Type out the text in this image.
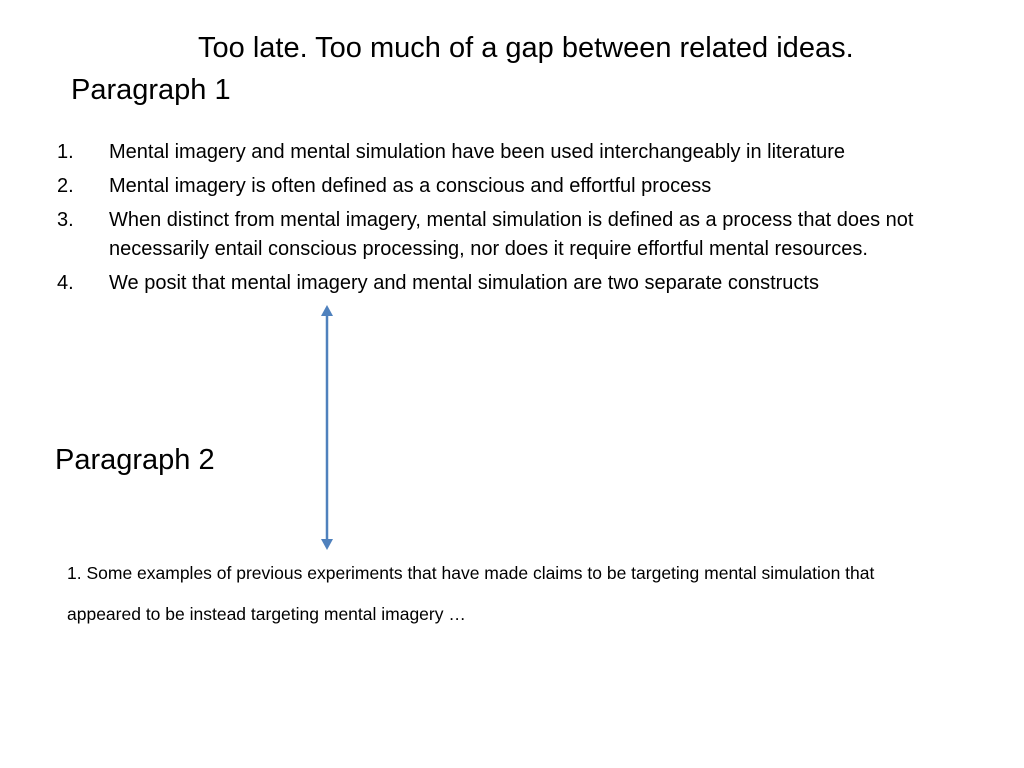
Too late. Too much of a gap between related ideas.
Paragraph 1
1. Mental imagery and mental simulation have been used interchangeably in literature
2. Mental imagery is often defined as a conscious and effortful process
3. When distinct from mental imagery, mental simulation is defined as a process that does not necessarily entail conscious processing, nor does it require effortful mental resources.
4. We posit that mental imagery and mental simulation are two separate constructs
Paragraph 2
1. Some examples of previous experiments that have made claims to be targeting mental simulation that appeared to be instead targeting mental imagery …
